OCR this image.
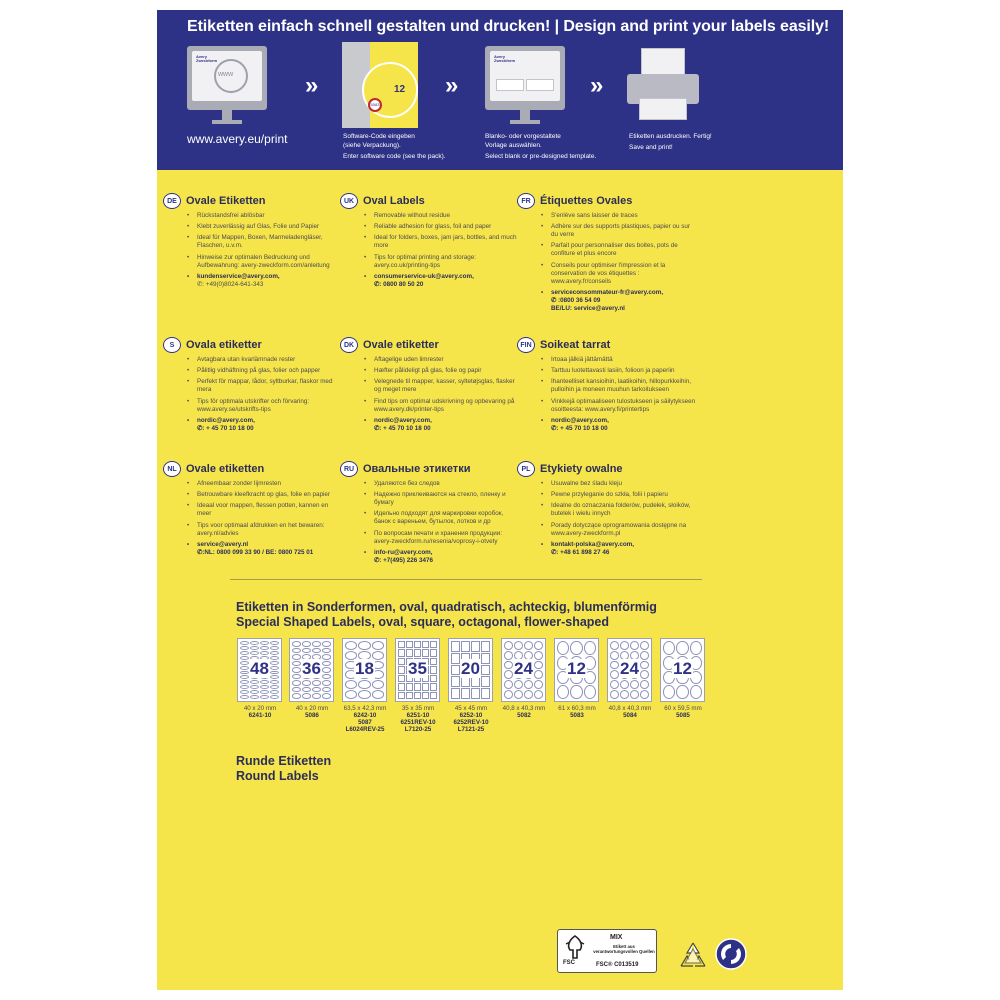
Etiketten einfach schnell gestalten und drucken! | Design and print your labels easily!
Avery
Zweckform
www
www.avery.eu/print
»	12
5083
Software-Code eingeben
(siehe Verpackung).
Enter software code (see the pack).
»
Avery
Zweckform
Blanko- oder vorgestaltete
Vorlage auswählen.
Select blank or pre-designed template.
»
Etiketten ausdrucken. Fertig!
Save and print!
DE Ovale Etiketten
• Rückstandsfrei ablösbar
• Klebt zuverlässig auf Glas, Folie und Papier
• Ideal für Mappen, Boxen, Marmeladengläser, Flaschen, u.v.m.
• Hinweise zur optimalen Bedruckung und Aufbewahrung: avery-zweckform.com/anleitung
• kundenservice@avery.com,
✆: +49(0)8024-641-343
UK Oval Labels
• Removable without residue
• Reliable adhesion for glass, foil and paper
• Ideal for folders, boxes, jam jars, bottles, and much more
• Tips for optimal printing and storage: avery.co.uk/printing-tips
• consumerservice-uk@avery.com,
✆: 0800 80 50 20
FR Étiquettes Ovales
• S'enlève sans laisser de traces
• Adhère sur des supports plastiques, papier ou sur du verre
• Parfait pour personnaliser des boites, pots de confiture et plus encore
• Conseils pour optimiser l'impression et la conservation de vos étiquettes : www.avery.fr/conseils
• serviceconsommateur-fr@avery.com,
✆ :0800 36 54 09
BE/LU: service@avery.nl
S	Ovala etiketter
• Avtagbara utan kvarlämnade rester
• Pålitlig vidhäftning på glas, folier och papper
• Perfekt för mappar, lådor, syltburkar, flaskor med mera
• Tips för optimala utskrifter och förvaring: www.avery.se/utskrifts-tips
• nordic@avery.com,
✆: + 45 70 10 18 00
DK Ovale etiketter
• Aftagelige uden limrester
• Hæfter pålideligt på glas, folie og papir
• Velegnede til mapper, kasser, syltetøjsglas, flasker og meget mere
• Find tips om optimal udskrivning og opbevaring på www.avery.dk/printer-tips
• nordic@avery.com,
✆: + 45 70 10 18 00
FIN Soikeat tarrat
• Irtoaa jälkiä jättämättä
• Tarttuu luotettavasti lasiin, folioon ja paperiin
• Ihanteelliset kansioihin, laatikoihin, hillopurkkeihin, pulloihin ja moneen muuhun tarkoitukseen
• Vinkkejä optimaaliseen tulostukseen ja säilytykseen osoitteesta: www.avery.fi/printertips
• nordic@avery.com,
✆: + 45 70 10 18 00
NL Ovale etiketten
• Afneembaar zonder lijmresten
• Betrouwbare kleefkracht op glas, folie en papier
• Ideaal voor mappen, flessen potten, kannen en meer
• Tips voor optimaal afdrukken en het bewaren: avery.nl/advies
• service@avery.nl
✆:NL: 0800 099 33 90 / BE: 0800 725 01
RU Овальные этикетки
• Удаляются без следов
• Надежно приклеиваются на стекло, пленку и бумагу
• Идельно подходят для маркировки коробок, банок с вареньем, бутылок, лотков и др
• По вопросам печати и хранения продукции: avery-zweckform.ru/resenia/voprosy-i-otvety
• info-ru@avery.com,
✆: +7(495) 226 3476
PL Etykiety owalne
• Usuwalne bez śladu kleju
• Pewne przyleganie do szkła, folii i papieru
• Idealne do oznaczania folderów, pudełek, słoików, butelek i wielu innych
• Porady dotyczące oprogramowania dostępne na www.avery-zweckform.pl
• kontakt-polska@avery.com,
✆: +48 61 898 27 46
Etiketten in Sonderformen, oval, quadratisch, achteckig, blumenförmig
Special Shaped Labels, oval, square, octagonal, flower-shaped
48
40 x 20 mm
6241-10
36
40 x 20 mm
5086
18
63,5 x 42,3 mm
6242-10
5087
L6024REV-25
35
35 x 35 mm
6251-10
6251REV-10
L7120-25
20
45 x 45 mm
6252-10
6252REV-10
L7121-25
24
40,8 x 40,3 mm
5082
12
61 x 60,3 mm
5083
24
40,8 x 40,3 mm
5084
12
60 x 59,5 mm
5085
Runde Etiketten
Round Labels
FSC
MIX
Etikett aus verantwortungsvollen Quellen
FSC® C013519
